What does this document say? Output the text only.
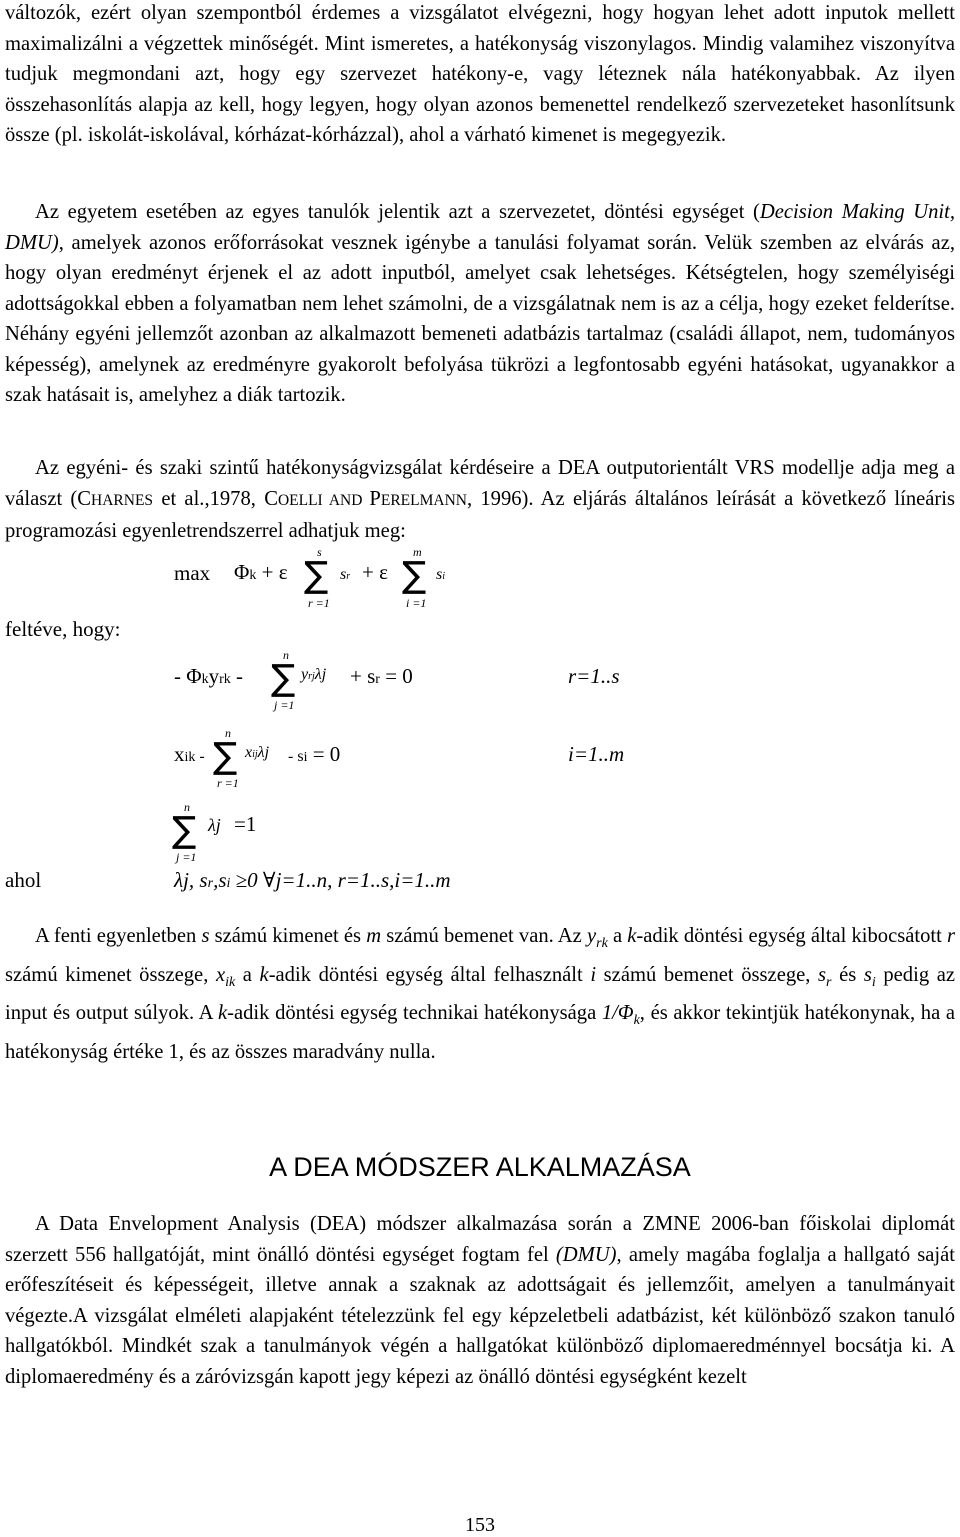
változók, ezért olyan szempontból érdemes a vizsgálatot elvégezni, hogy hogyan lehet adott inputok mellett maximalizálni a végzettek minőségét. Mint ismeretes, a hatékonyság viszonylagos. Mindig valamihez viszonyítva tudjuk megmondani azt, hogy egy szervezet hatékony-e, vagy léteznek nála hatékonyabbak. Az ilyen összehasonlítás alapja az kell, hogy legyen, hogy olyan azonos bemenettel rendelkező szervezeteket hasonlítsunk össze (pl. iskolát-iskolával, kórházat-kórházzal), ahol a várható kimenet is megegyezik.

Az egyetem esetében az egyes tanulók jelentik azt a szervezetet, döntési egységet (Decision Making Unit, DMU), amelyek azonos erőforrásokat vesznek igénybe a tanulási folyamat során. Velük szemben az elvárás az, hogy olyan eredményt érjenek el az adott inputból, amelyet csak lehetséges. Kétségtelen, hogy személyiségi adottságokkal ebben a folyamatban nem lehet számolni, de a vizsgálatnak nem is az a célja, hogy ezeket felderítse. Néhány egyéni jellemzőt azonban az alkalmazott bemeneti adatbázis tartalmaz (családi állapot, nem, tudományos képesség), amelynek az eredményre gyakorolt befolyása tükrözi a legfontosabb egyéni hatásokat, ugyanakkor a szak hatásait is, amelyhez a diák tartozik.

Az egyéni- és szaki szintű hatékonyságvizsgálat kérdéseire a DEA outputorientált VRS modellje adja meg a választ (CHARNES et al.,1978, COELLI AND PERELMANN, 1996). Az eljárás általános leírását a következő líneáris programozási egyenletrendszerrel adhatjuk meg:

max Φk + ε
s
∑
r =1
sr + ε
m
∑
i =1
si
feltéve, hogy:
- Φkyrk -
n
∑
j =1
yrjλj + sr = 0	r=1..s
xik -
n
∑
r =1
xijλj - si = 0	i=1..m
n
∑
j =1
λj =1
ahol	λj, sr,si ≥0 ∀j=1..n, r=1..s,i=1..m

A fenti egyenletben s számú kimenet és m számú bemenet van. Az $y_{rk}$ a k-adik döntési egység által kibocsátott r számú kimenet összege, $x_{ik}$ a k-adik döntési egység által felhasznált i számú bemenet összege, $s_r$ és $s_i$ pedig az input és output súlyok. A k-adik döntési egység technikai hatékonysága $1/\Phi_k$, és akkor tekintjük hatékonynak, ha a hatékonyság értéke 1, és az összes maradvány nulla.

A DEA MÓDSZER ALKALMAZÁSA

A Data Envelopment Analysis (DEA) módszer alkalmazása során a ZMNE 2006-ban főiskolai diplomát szerzett 556 hallgatóját, mint önálló döntési egységet fogtam fel (DMU), amely magába foglalja a hallgató saját erőfeszítéseit és képességeit, illetve annak a szaknak az adottságait és jellemzőit, amelyen a tanulmányait végezte.A vizsgálat elméleti alapjaként tételezzünk fel egy képzeletbeli adatbázist, két különböző szakon tanuló hallgatókból. Mindkét szak a tanulmányok végén a hallgatókat különböző diplomaeredménnyel bocsátja ki. A diplomaeredmény és a záróvizsgán kapott jegy képezi az önálló döntési egységként kezelt

153
